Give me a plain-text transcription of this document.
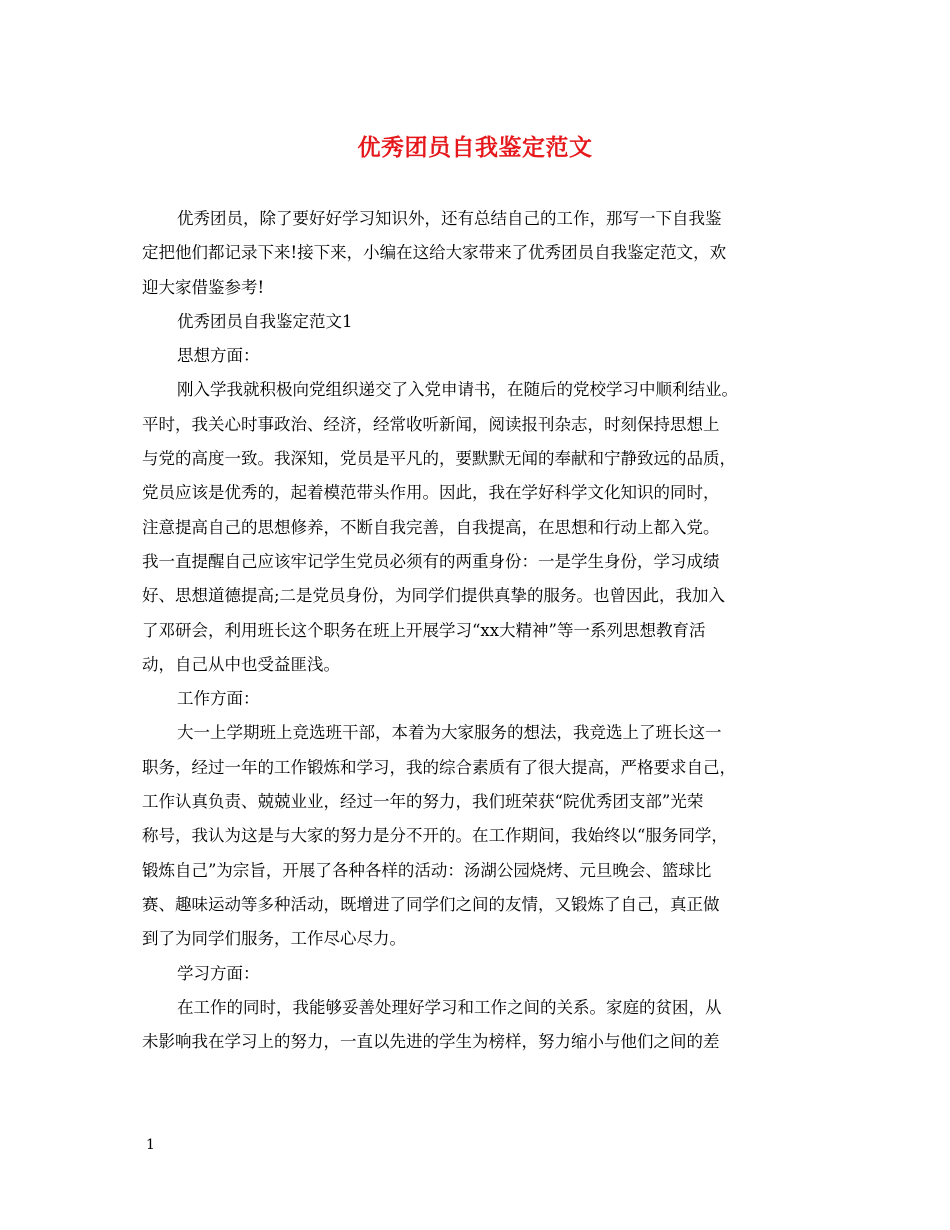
优秀团员自我鉴定范文
优秀团员，除了要好好学习知识外，还有总结自己的工作，那写一下自我鉴
定把他们都记录下来!接下来，小编在这给大家带来了优秀团员自我鉴定范文，欢
迎大家借鉴参考!
优秀团员自我鉴定范文1
思想方面：
刚入学我就积极向党组织递交了入党申请书，在随后的党校学习中顺利结业。
平时，我关心时事政治、经济，经常收听新闻，阅读报刊杂志，时刻保持思想上
与党的高度一致。我深知，党员是平凡的，要默默无闻的奉献和宁静致远的品质，
党员应该是优秀的，起着模范带头作用。因此，我在学好科学文化知识的同时，
注意提高自己的思想修养，不断自我完善，自我提高，在思想和行动上都入党。
我一直提醒自己应该牢记学生党员必须有的两重身份：一是学生身份，学习成绩
好、思想道德提高;二是党员身份，为同学们提供真挚的服务。也曾因此，我加入
了邓研会，利用班长这个职务在班上开展学习“xx大精神”等一系列思想教育活
动，自己从中也受益匪浅。
工作方面：
大一上学期班上竞选班干部，本着为大家服务的想法，我竞选上了班长这一
职务，经过一年的工作锻炼和学习，我的综合素质有了很大提高，严格要求自己，
工作认真负责、兢兢业业，经过一年的努力，我们班荣获“院优秀团支部”光荣
称号，我认为这是与大家的努力是分不开的。在工作期间，我始终以“服务同学，
锻炼自己”为宗旨，开展了各种各样的活动：汤湖公园烧烤、元旦晚会、篮球比
赛、趣味运动等多种活动，既增进了同学们之间的友情，又锻炼了自己，真正做
到了为同学们服务，工作尽心尽力。
学习方面：
在工作的同时，我能够妥善处理好学习和工作之间的关系。家庭的贫困，从
未影响我在学习上的努力，一直以先进的学生为榜样，努力缩小与他们之间的差
1
